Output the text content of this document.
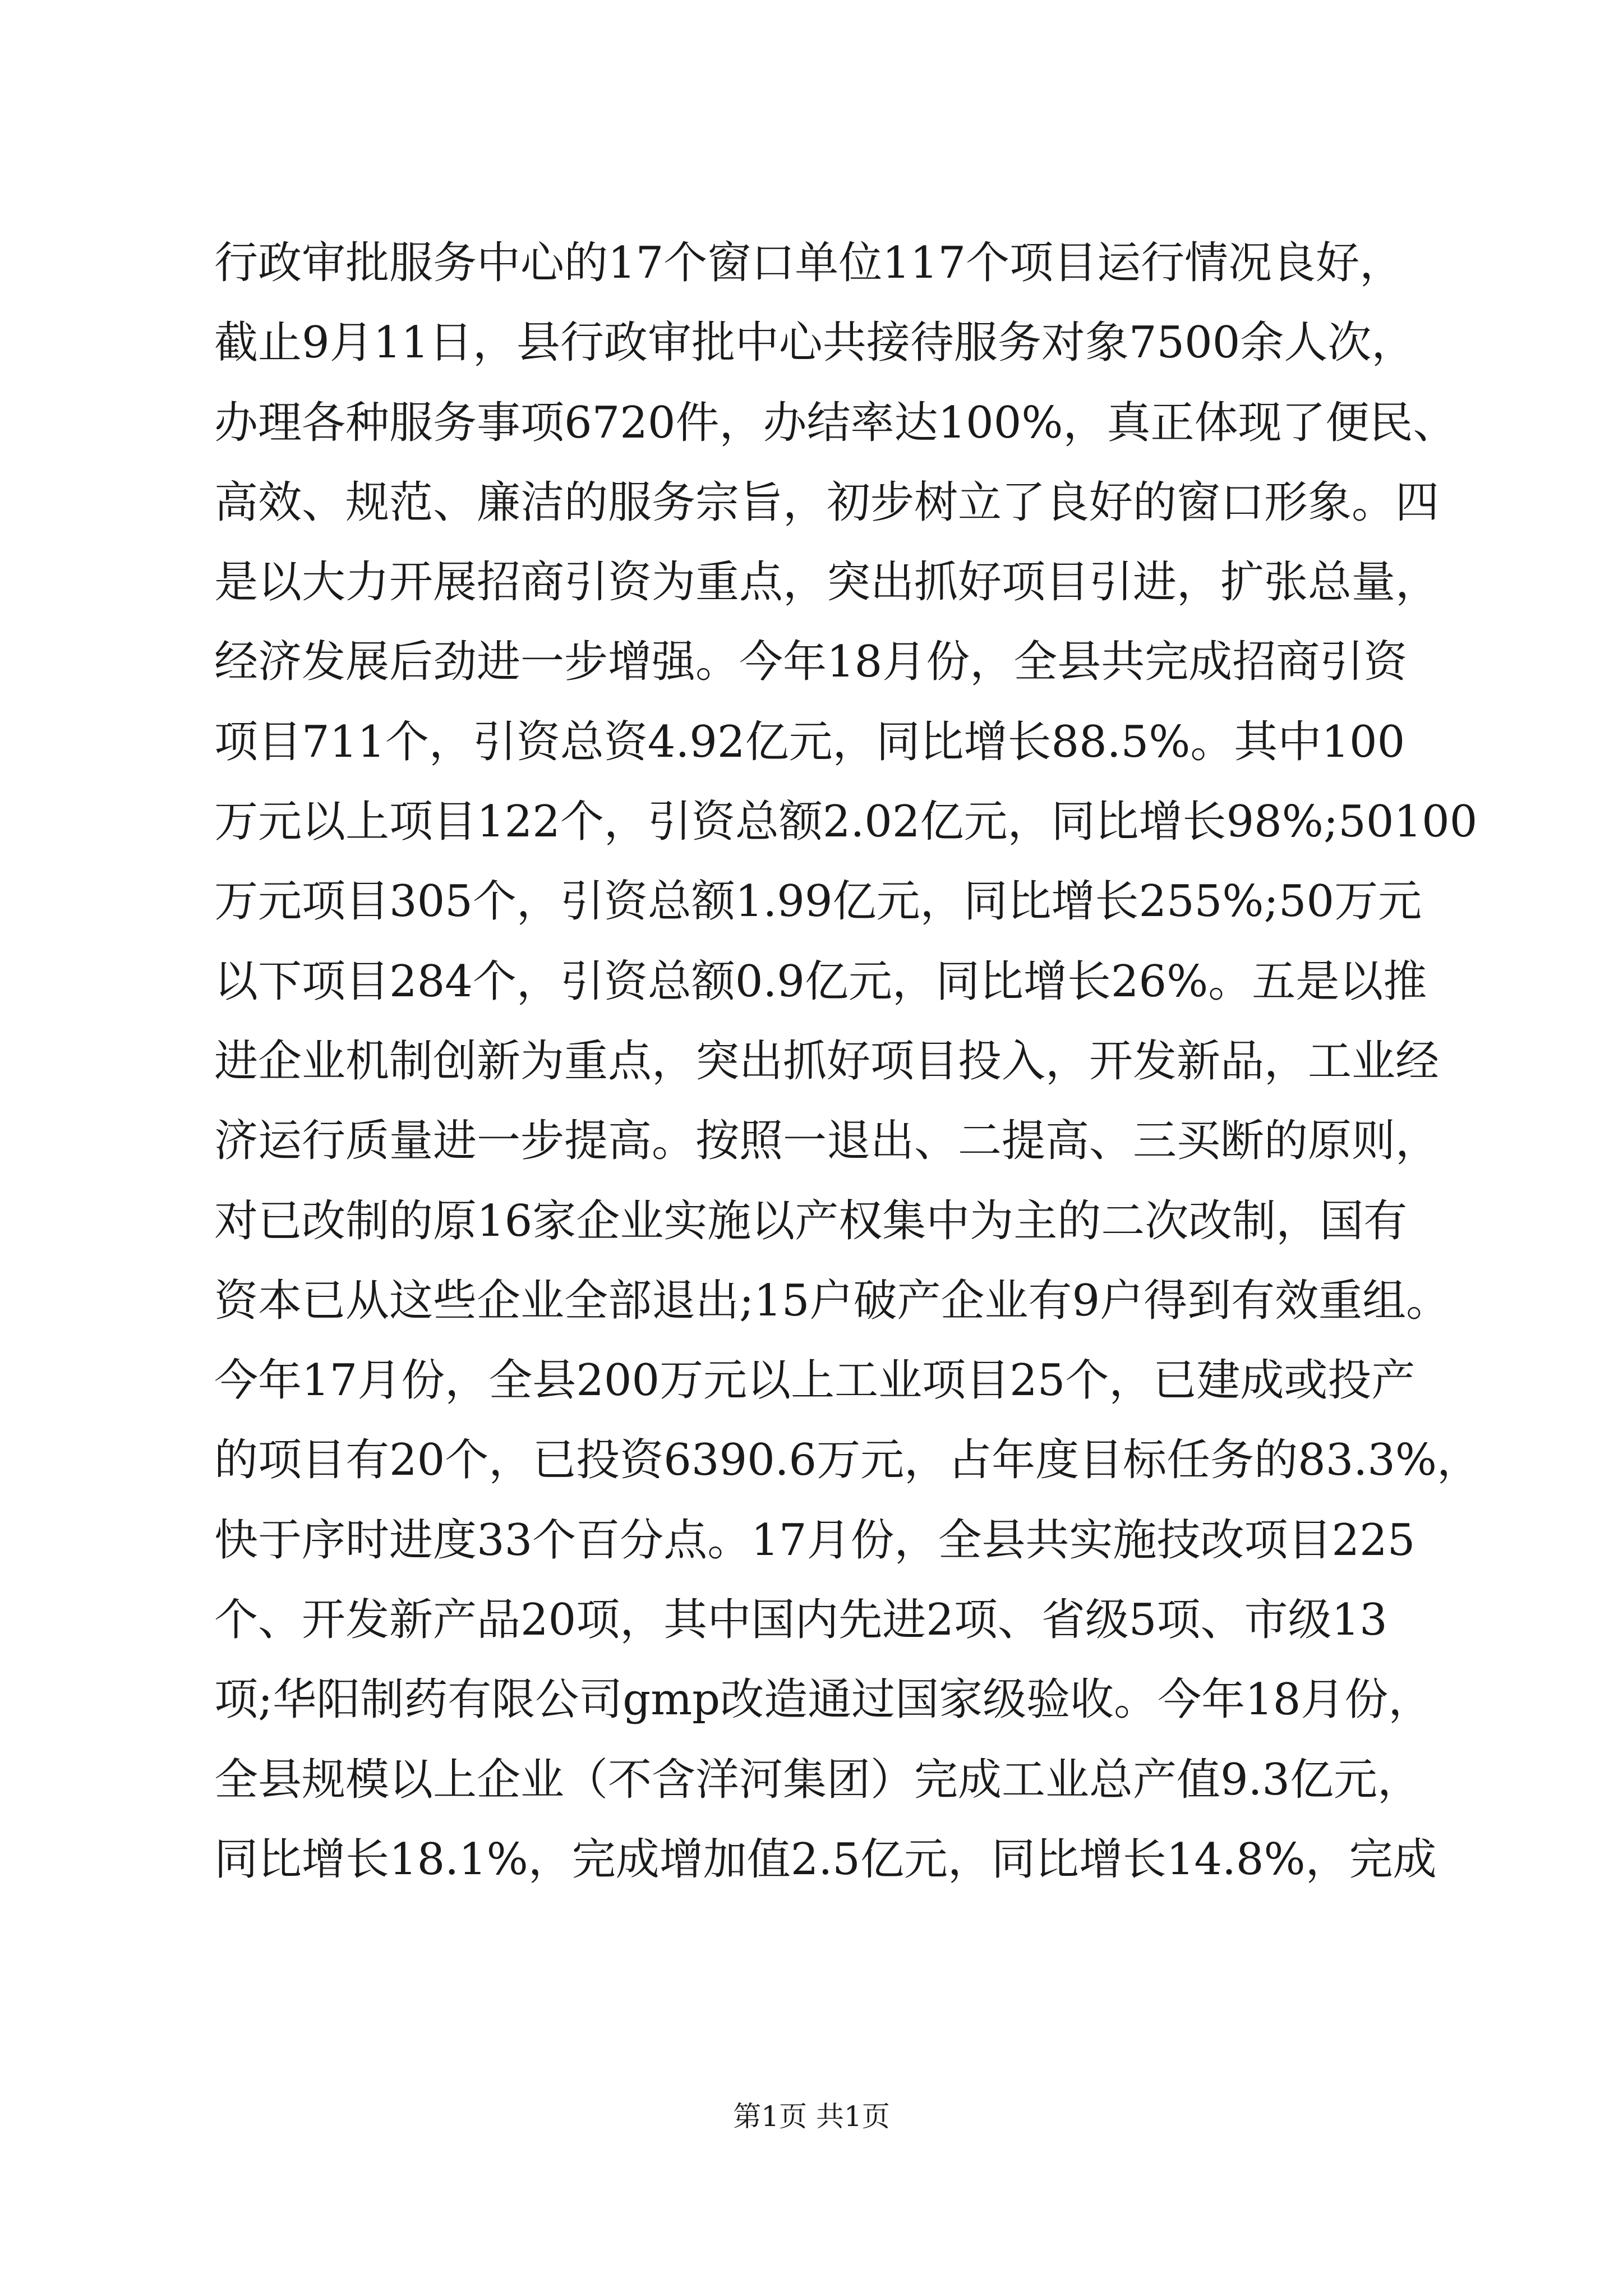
行政审批服务中心的17个窗口单位117个项目运行情况良好，
截止9月11日，县行政审批中心共接待服务对象7500余人次，
办理各种服务事项6720件，办结率达100%，真正体现了便民、
高效、规范、廉洁的服务宗旨，初步树立了良好的窗口形象。四
是以大力开展招商引资为重点，突出抓好项目引进，扩张总量，
经济发展后劲进一步增强。今年18月份，全县共完成招商引资
项目711个，引资总资4.92亿元，同比增长88.5%。其中100
万元以上项目122个，引资总额2.02亿元，同比增长98%;50100
万元项目305个，引资总额1.99亿元，同比增长255%;50万元
以下项目284个，引资总额0.9亿元，同比增长26%。五是以推
进企业机制创新为重点，突出抓好项目投入，开发新品，工业经
济运行质量进一步提高。按照一退出、二提高、三买断的原则，
对已改制的原16家企业实施以产权集中为主的二次改制，国有
资本已从这些企业全部退出;15户破产企业有9户得到有效重组。
今年17月份，全县200万元以上工业项目25个，已建成或投产
的项目有20个，已投资6390.6万元，占年度目标任务的83.3%，
快于序时进度33个百分点。17月份，全县共实施技改项目225
个、开发新产品20项，其中国内先进2项、省级5项、市级13
项;华阳制药有限公司gmp改造通过国家级验收。今年18月份，
全县规模以上企业（不含洋河集团）完成工业总产值9.3亿元，
同比增长18.1%，完成增加值2.5亿元，同比增长14.8%，完成
第1页 共1页
